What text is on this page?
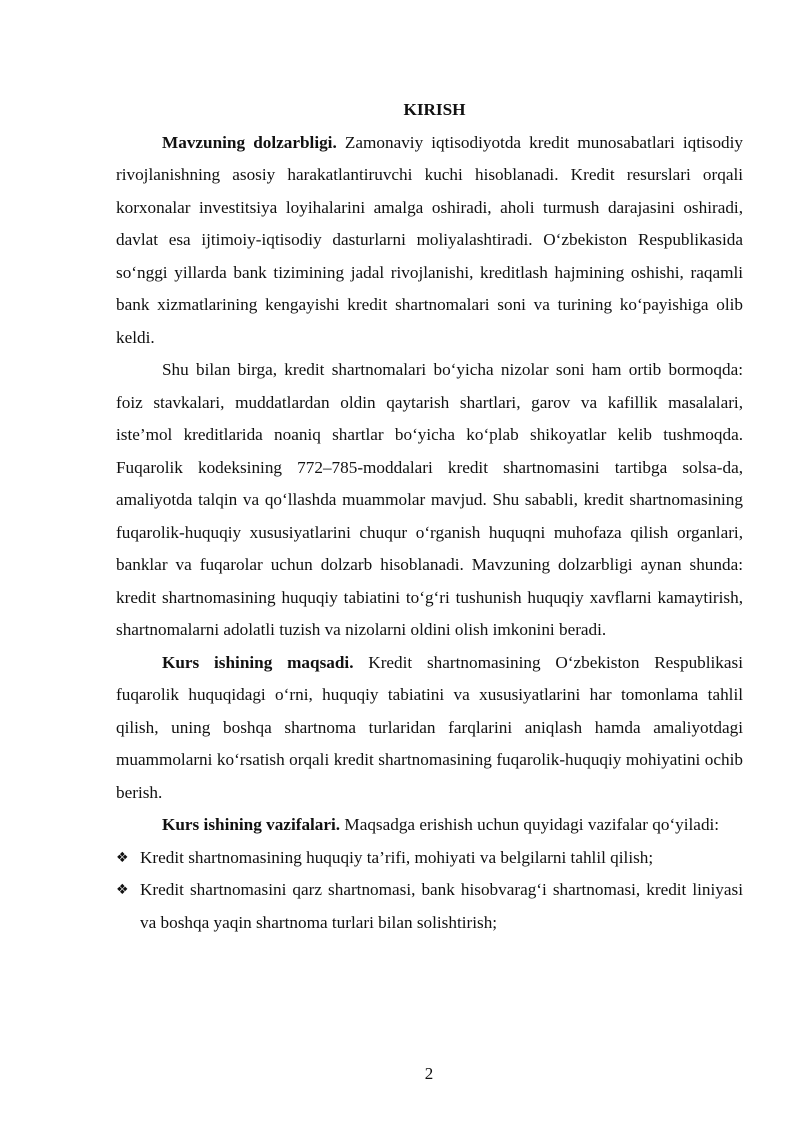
KIRISH

Mavzuning dolzarbligi. Zamonaviy iqtisodiyotda kredit munosabatlari iqtisodiy rivojlanishning asosiy harakatlantiruvchi kuchi hisoblanadi. Kredit resurslari orqali korxonalar investitsiya loyihalarini amalga oshiradi, aholi turmush darajasini oshiradi, davlat esa ijtimoiy-iqtisodiy dasturlarni moliyalashtiradi. O‘zbekiston Respublikasida so‘nggi yillarda bank tizimining jadal rivojlanishi, kreditlash hajmining oshishi, raqamli bank xizmatlarining kengayishi kredit shartnomalari soni va turining ko‘payishiga olib keldi.

Shu bilan birga, kredit shartnomalari bo‘yicha nizolar soni ham ortib bormoqda: foiz stavkalari, muddatlardan oldin qaytarish shartlari, garov va kafillik masalalari, iste’mol kreditlarida noaniq shartlar bo‘yicha ko‘plab shikoyatlar kelib tushmoqda. Fuqarolik kodeksining 772–785-moddalari kredit shartnomasini tartibga solsa-da, amaliyotda talqin va qo‘llashda muammolar mavjud. Shu sababli, kredit shartnomasining fuqarolik-huquqiy xususiyatlarini chuqur o‘rganish huquqni muhofaza qilish organlari, banklar va fuqarolar uchun dolzarb hisoblanadi. Mavzuning dolzarbligi aynan shunda: kredit shartnomasining huquqiy tabiatini to‘g‘ri tushunish huquqiy xavflarni kamaytirish, shartnomalarni adolatli tuzish va nizolarni oldini olish imkonini beradi.

Kurs ishining maqsadi. Kredit shartnomasining O‘zbekiston Respublikasi fuqarolik huquqidagi o‘rni, huquqiy tabiatini va xususiyatlarini har tomonlama tahlil qilish, uning boshqa shartnoma turlaridan farqlarini aniqlash hamda amaliyotdagi muammolarni ko‘rsatish orqali kredit shartnomasining fuqarolik-huquqiy mohiyatini ochib berish.

Kurs ishining vazifalari. Maqsadga erishish uchun quyidagi vazifalar qo‘yiladi:

❖ Kredit shartnomasining huquqiy ta’rifi, mohiyati va belgilarni tahlil qilish;
❖ Kredit shartnomasini qarz shartnomasi, bank hisobvarag‘i shartnomasi, kredit liniyasi va boshqa yaqin shartnoma turlari bilan solishtirish;
2
